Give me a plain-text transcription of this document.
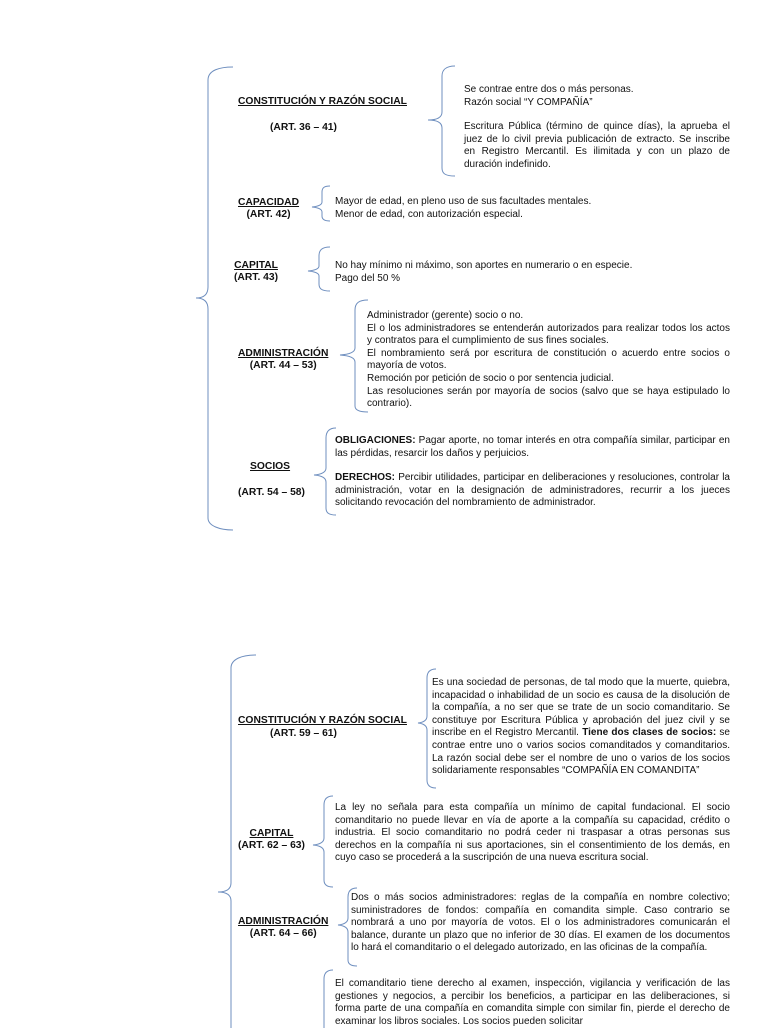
CONSTITUCIÓN Y RAZÓN SOCIAL
(ART. 36 – 41)

Se contrae entre dos o más personas.

Razón social “Y COMPAÑÍA”

Escritura Pública (término de quince días), la aprueba el juez de lo civil previa publicación de extracto. Se inscribe en Registro Mercantil. Es ilimitada y con un plazo de duración indefinido.

CAPACIDAD
(ART. 42)

Mayor de edad, en pleno uso de sus facultades mentales.

Menor de edad, con autorización especial.

CAPITAL
(ART. 43)

No hay mínimo ni máximo, son aportes en numerario o en especie.

Pago del 50 %

ADMINISTRACIÓN
(ART. 44 – 53)

Administrador (gerente) socio o no.

El o los administradores se entenderán autorizados para realizar todos los actos y contratos para el cumplimiento de sus fines sociales.

El nombramiento será por escritura de constitución o acuerdo entre socios o mayoría de votos.

Remoción por petición de socio o por sentencia judicial.

Las resoluciones serán por mayoría de socios (salvo que se haya estipulado lo contrario).

SOCIOS
(ART. 54 – 58)

OBLIGACIONES: Pagar aporte, no tomar interés en otra compañía similar, participar en las pérdidas, resarcir los daños y perjuicios.

DERECHOS: Percibir utilidades, participar en deliberaciones y resoluciones, controlar la administración, votar en la designación de administradores, recurrir a los jueces solicitando revocación del nombramiento de administrador.

CONSTITUCIÓN Y RAZÓN SOCIAL
(ART. 59 – 61)

Es una sociedad de personas, de tal modo que la muerte, quiebra, incapacidad o inhabilidad de un socio es causa de la disolución de la compañía, a no ser que se trate de un socio comanditario. Se constituye por Escritura Pública y aprobación del juez civil y se inscribe en el Registro Mercantil. Tiene dos clases de socios: se contrae entre uno o varios socios comanditados y comanditarios. La razón social debe ser el nombre de uno o varios de los socios solidariamente responsables “COMPAÑÍA EN COMANDITA”

CAPITAL
(ART. 62 – 63)

La ley no señala para esta compañía un mínimo de capital fundacional. El socio comanditario no puede llevar en vía de aporte a la compañía su capacidad, crédito o industria. El socio comanditario no podrá ceder ni traspasar a otras personas sus derechos en la compañía ni sus aportaciones, sin el consentimiento de los demás, en cuyo caso se procederá a la suscripción de una nueva escritura social.

ADMINISTRACIÓN
(ART. 64 – 66)

Dos o más socios administradores: reglas de la compañía en nombre colectivo; suministradores de fondos: compañía en comandita simple. Caso contrario se nombrará a uno por mayoría de votos. El o los administradores comunicarán el balance, durante un plazo que no inferior de 30 días. El examen de los documentos lo hará el comanditario o el delegado autorizado, en las oficinas de la compañía.

El comanditario tiene derecho al examen, inspección, vigilancia y verificación de las gestiones y negocios, a percibir los beneficios, a participar en las deliberaciones, si forma parte de una compañía en comandita simple con similar fin, pierde el derecho de examinar los libros sociales. Los socios pueden solicitar
